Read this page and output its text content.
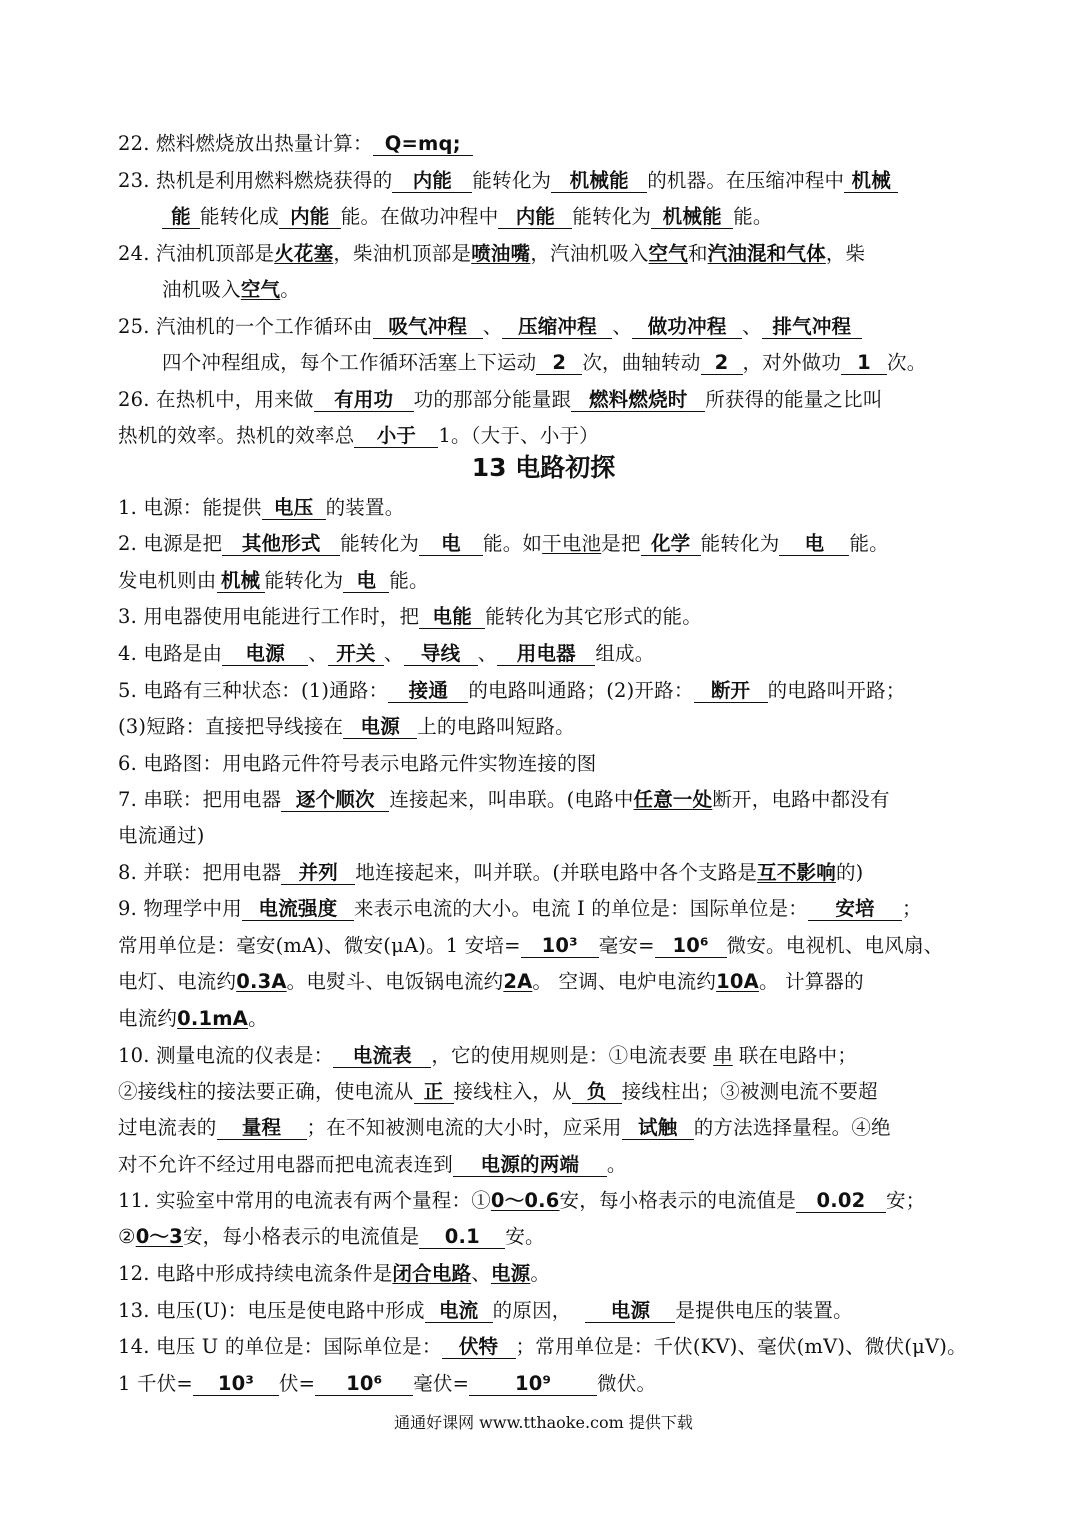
22. 燃料燃烧放出热量计算： Q=mq;
23. 热机是利用燃料燃烧获得的 内能 能转化为 机械能 的机器。在压缩冲程中 机械
能 能转化成 内能 能。在做功冲程中 内能 能转化为 机械能 能。
24. 汽油机顶部是火花塞，柴油机顶部是喷油嘴，汽油机吸入空气和汽油混和气体，柴
油机吸入空气。
25. 汽油机的一个工作循环由 吸气冲程 、 压缩冲程 、 做功冲程 、 排气冲程
四个冲程组成，每个工作循环活塞上下运动 2 次，曲轴转动 2 ，对外做功 1 次。
26. 在热机中，用来做 有用功 功的那部分能量跟 燃料燃烧时 所获得的能量之比叫
热机的效率。热机的效率总 小于 1。（大于、小于）
13 电路初探
1. 电源：能提供 电压 的装置。
2. 电源是把 其他形式 能转化为 电 能。如干电池是把 化学 能转化为 电 能。
发电机则由 机械 能转化为 电 能。
3. 用电器使用电能进行工作时，把 电能 能转化为其它形式的能。
4. 电路是由 电源 、 开关 、 导线 、 用电器 组成。
5. 电路有三种状态：(1)通路： 接通 的电路叫通路；(2)开路： 断开 的电路叫开路；
(3)短路：直接把导线接在 电源 上的电路叫短路。
6. 电路图：用电路元件符号表示电路元件实物连接的图
7. 串联：把用电器 逐个顺次 连接起来，叫串联。(电路中任意一处断开，电路中都没有
电流通过)
8. 并联：把用电器 并列 地连接起来，叫并联。(并联电路中各个支路是互不影响的)
9. 物理学中用 电流强度 来表示电流的大小。电流 I 的单位是：国际单位是： 安培 ；
常用单位是：毫安(mA)、微安(μA)。1 安培= 10³ 毫安= 10⁶ 微安。电视机、电风扇、
电灯、电流约0.3A。电熨斗、电饭锅电流约2A。 空调、电炉电流约10A。 计算器的
电流约0.1mA。
10. 测量电流的仪表是： 电流表 ，它的使用规则是：①电流表要 串 联在电路中；
②接线柱的接法要正确，使电流从 正 接线柱入，从 负 接线柱出；③被测电流不要超
过电流表的 量程 ；在不知被测电流的大小时，应采用 试触 的方法选择量程。④绝
对不允许不经过用电器而把电流表连到 电源的两端 。
11. 实验室中常用的电流表有两个量程：①0～0.6安，每小格表示的电流值是 0.02 安；
②0～3安，每小格表示的电流值是 0.1 安。
12. 电路中形成持续电流条件是闭合电路、电源。
13. 电压(U)：电压是使电路中形成 电流 的原因， 电源 是提供电压的装置。
14. 电压 U 的单位是：国际单位是： 伏特 ；常用单位是：千伏(KV)、毫伏(mV)、微伏(μV)。
1 千伏= 10³ 伏= 10⁶ 毫伏= 10⁹ 微伏。
通通好课网 www.tthaoke.com 提供下载
